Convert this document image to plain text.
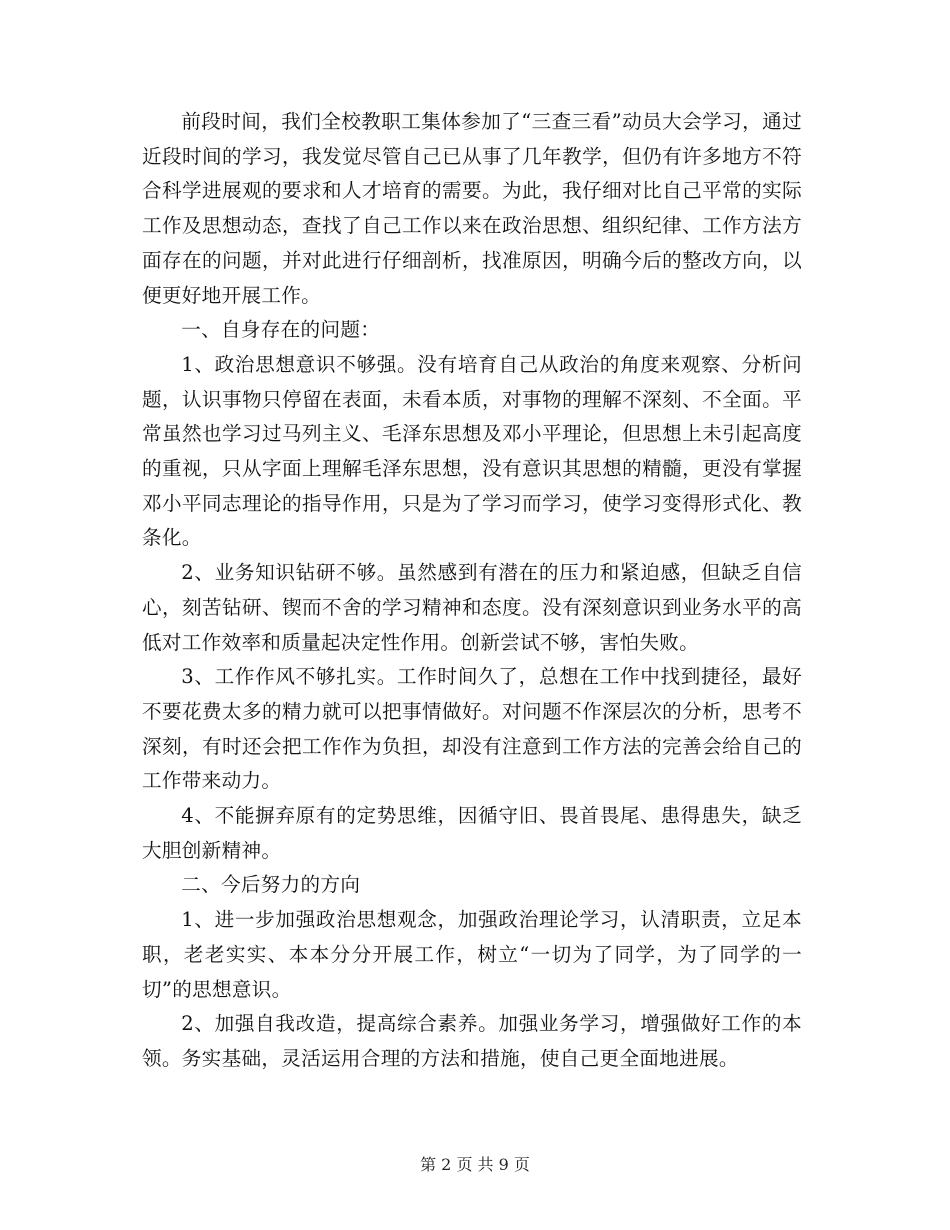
前段时间，我们全校教职工集体参加了“三查三看”动员大会学习，通过近段时间的学习，我发觉尽管自己已从事了几年教学，但仍有许多地方不符合科学进展观的要求和人才培育的需要。为此，我仔细对比自己平常的实际工作及思想动态，查找了自己工作以来在政治思想、组织纪律、工作方法方面存在的问题，并对此进行仔细剖析，找准原因，明确今后的整改方向，以便更好地开展工作。

一、自身存在的问题：

1、政治思想意识不够强。没有培育自己从政治的角度来观察、分析问题，认识事物只停留在表面，未看本质，对事物的理解不深刻、不全面。平常虽然也学习过马列主义、毛泽东思想及邓小平理论，但思想上未引起高度的重视，只从字面上理解毛泽东思想，没有意识其思想的精髓，更没有掌握邓小平同志理论的指导作用，只是为了学习而学习，使学习变得形式化、教条化。

2、业务知识钻研不够。虽然感到有潜在的压力和紧迫感，但缺乏自信心，刻苦钻研、锲而不舍的学习精神和态度。没有深刻意识到业务水平的高低对工作效率和质量起决定性作用。创新尝试不够，害怕失败。

3、工作作风不够扎实。工作时间久了，总想在工作中找到捷径，最好不要花费太多的精力就可以把事情做好。对问题不作深层次的分析，思考不深刻，有时还会把工作作为负担，却没有注意到工作方法的完善会给自己的工作带来动力。

4、不能摒弃原有的定势思维，因循守旧、畏首畏尾、患得患失，缺乏大胆创新精神。

二、今后努力的方向

1、进一步加强政治思想观念，加强政治理论学习，认清职责，立足本职，老老实实、本本分分开展工作，树立“一切为了同学，为了同学的一切”的思想意识。

2、加强自我改造，提高综合素养。加强业务学习，增强做好工作的本领。务实基础，灵活运用合理的方法和措施，使自己更全面地进展。

第 2 页 共 9 页
